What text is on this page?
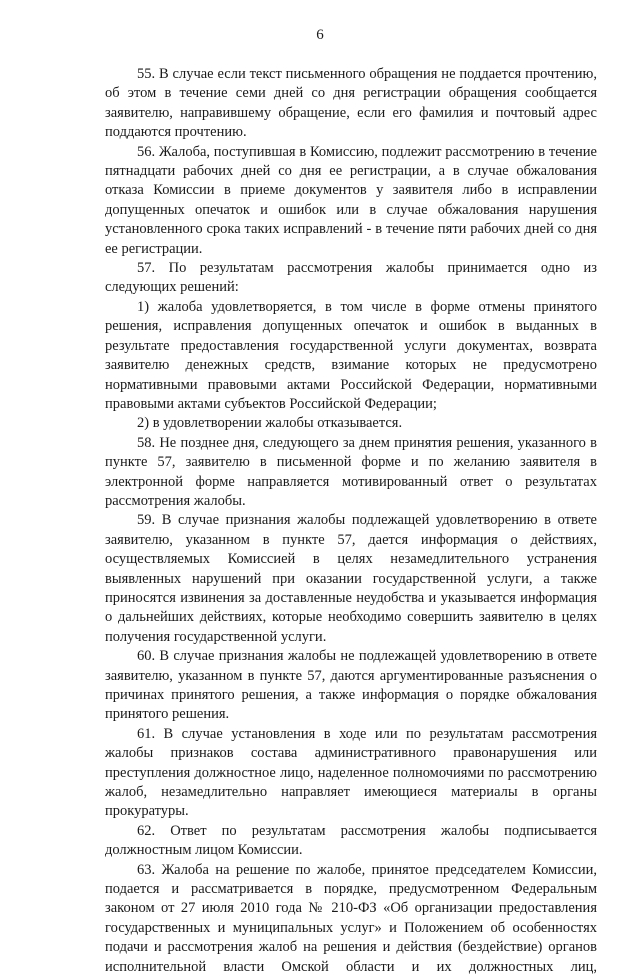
6

55. В случае если текст письменного обращения не поддается прочтению, об этом в течение семи дней со дня регистрации обращения сообщается заявителю, направившему обращение, если его фамилия и почтовый адрес поддаются прочтению.

56. Жалоба, поступившая в Комиссию, подлежит рассмотрению в течение пятнадцати рабочих дней со дня ее регистрации, а в случае обжалования отказа Комиссии в приеме документов у заявителя либо в исправлении допущенных опечаток и ошибок или в случае обжалования нарушения установленного срока таких исправлений - в течение пяти рабочих дней со дня ее регистрации.

57. По результатам рассмотрения жалобы принимается одно из следующих решений:

1) жалоба удовлетворяется, в том числе в форме отмены принятого решения, исправления допущенных опечаток и ошибок в выданных в результате предоставления государственной услуги документах, возврата заявителю денежных средств, взимание которых не предусмотрено нормативными правовыми актами Российской Федерации, нормативными правовыми актами субъектов Российской Федерации;

2) в удовлетворении жалобы отказывается.

58. Не позднее дня, следующего за днем принятия решения, указанного в пункте 57, заявителю в письменной форме и по желанию заявителя в электронной форме направляется мотивированный ответ о результатах рассмотрения жалобы.

59. В случае признания жалобы подлежащей удовлетворению в ответе заявителю, указанном в пункте 57, дается информация о действиях, осуществляемых Комиссией в целях незамедлительного устранения выявленных нарушений при оказании государственной услуги, а также приносятся извинения за доставленные неудобства и указывается информация о дальнейших действиях, которые необходимо совершить заявителю в целях получения государственной услуги.

60. В случае признания жалобы не подлежащей удовлетворению в ответе заявителю, указанном в пункте 57, даются аргументированные разъяснения о причинах принятого решения, а также информация о порядке обжалования принятого решения.

61. В случае установления в ходе или по результатам рассмотрения жалобы признаков состава административного правонарушения или преступления должностное лицо, наделенное полномочиями по рассмотрению жалоб, незамедлительно направляет имеющиеся материалы в органы прокуратуры.

62. Ответ по результатам рассмотрения жалобы подписывается должностным лицом Комиссии.

63. Жалоба на решение по жалобе, принятое председателем Комиссии, подается и рассматривается в порядке, предусмотренном Федеральным законом от 27 июля 2010 года № 210-ФЗ «Об организации предоставления государственных и муниципальных услуг» и Положением об особенностях подачи и рассмотрения жалоб на решения и действия (бездействие) органов исполнительной власти Омской области и их должностных лиц,
